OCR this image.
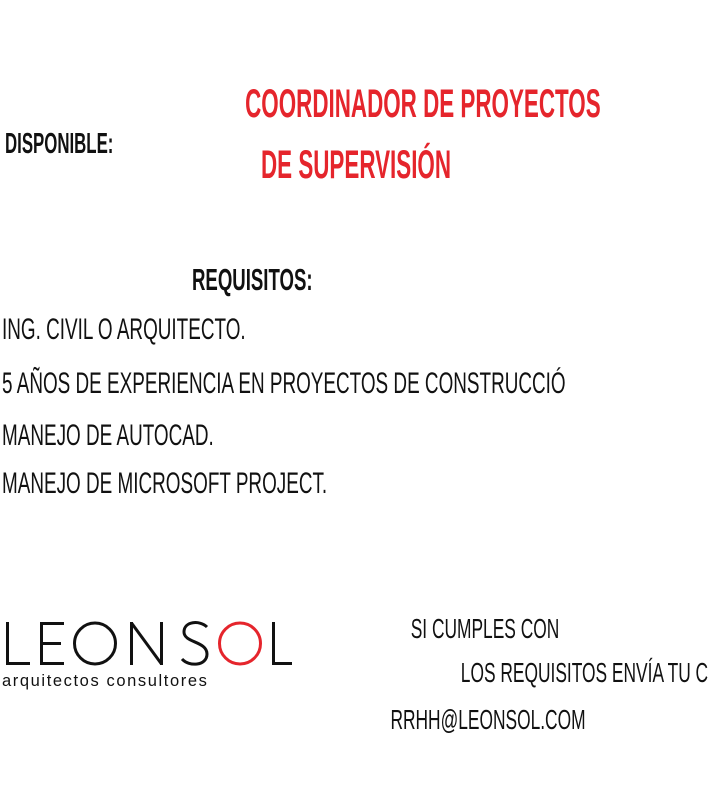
DISPONIBLE:
COORDINADOR DE PROYECTOS
DE SUPERVISIÓN
REQUISITOS:
ING. CIVIL O ARQUITECTO.
5 AÑOS DE EXPERIENCIA EN PROYECTOS DE CONSTRUCCIÓ
MANEJO DE AUTOCAD.
MANEJO DE MICROSOFT PROJECT.
arquitectos consultores
SI CUMPLES CON
LOS REQUISITOS ENVÍA TU C
RRHH@LEONSOL.COM
